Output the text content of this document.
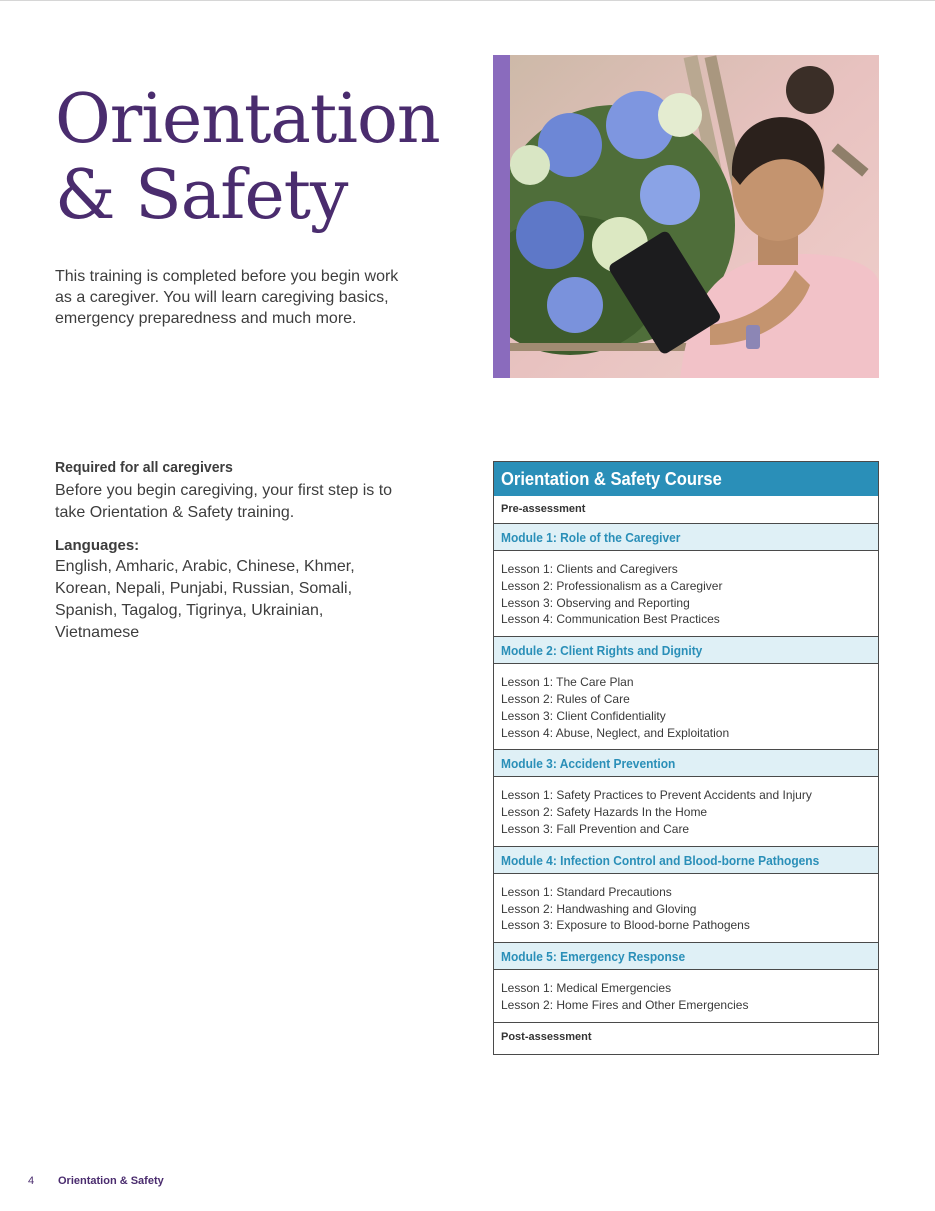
Orientation
& Safety

This training is completed before you begin work as a caregiver. You will learn caregiving basics, emergency preparedness and much more.

Required for all caregivers

Before you begin caregiving, your first step is to take Orientation & Safety training.

Languages:

English, Amharic, Arabic, Chinese, Khmer, Korean, Nepali, Punjabi, Russian, Somali, Spanish, Tagalog, Tigrinya, Ukrainian, Vietnamese

Orientation & Safety Course
Pre-assessment
Module 1: Role of the Caregiver
Lesson 1: Clients and Caregivers
Lesson 2: Professionalism as a Caregiver
Lesson 3: Observing and Reporting
Lesson 4: Communication Best Practices
Module 2: Client Rights and Dignity
Lesson 1: The Care Plan
Lesson 2: Rules of Care
Lesson 3: Client Confidentiality
Lesson 4: Abuse, Neglect, and Exploitation
Module 3: Accident Prevention
Lesson 1: Safety Practices to Prevent Accidents and Injury
Lesson 2: Safety Hazards In the Home
Lesson 3: Fall Prevention and Care
Module 4: Infection Control and Blood-borne Pathogens
Lesson 1: Standard Precautions
Lesson 2: Handwashing and Gloving
Lesson 3: Exposure to Blood-borne Pathogens
Module 5: Emergency Response
Lesson 1: Medical Emergencies
Lesson 2: Home Fires and Other Emergencies
Post-assessment
4 Orientation & Safety
